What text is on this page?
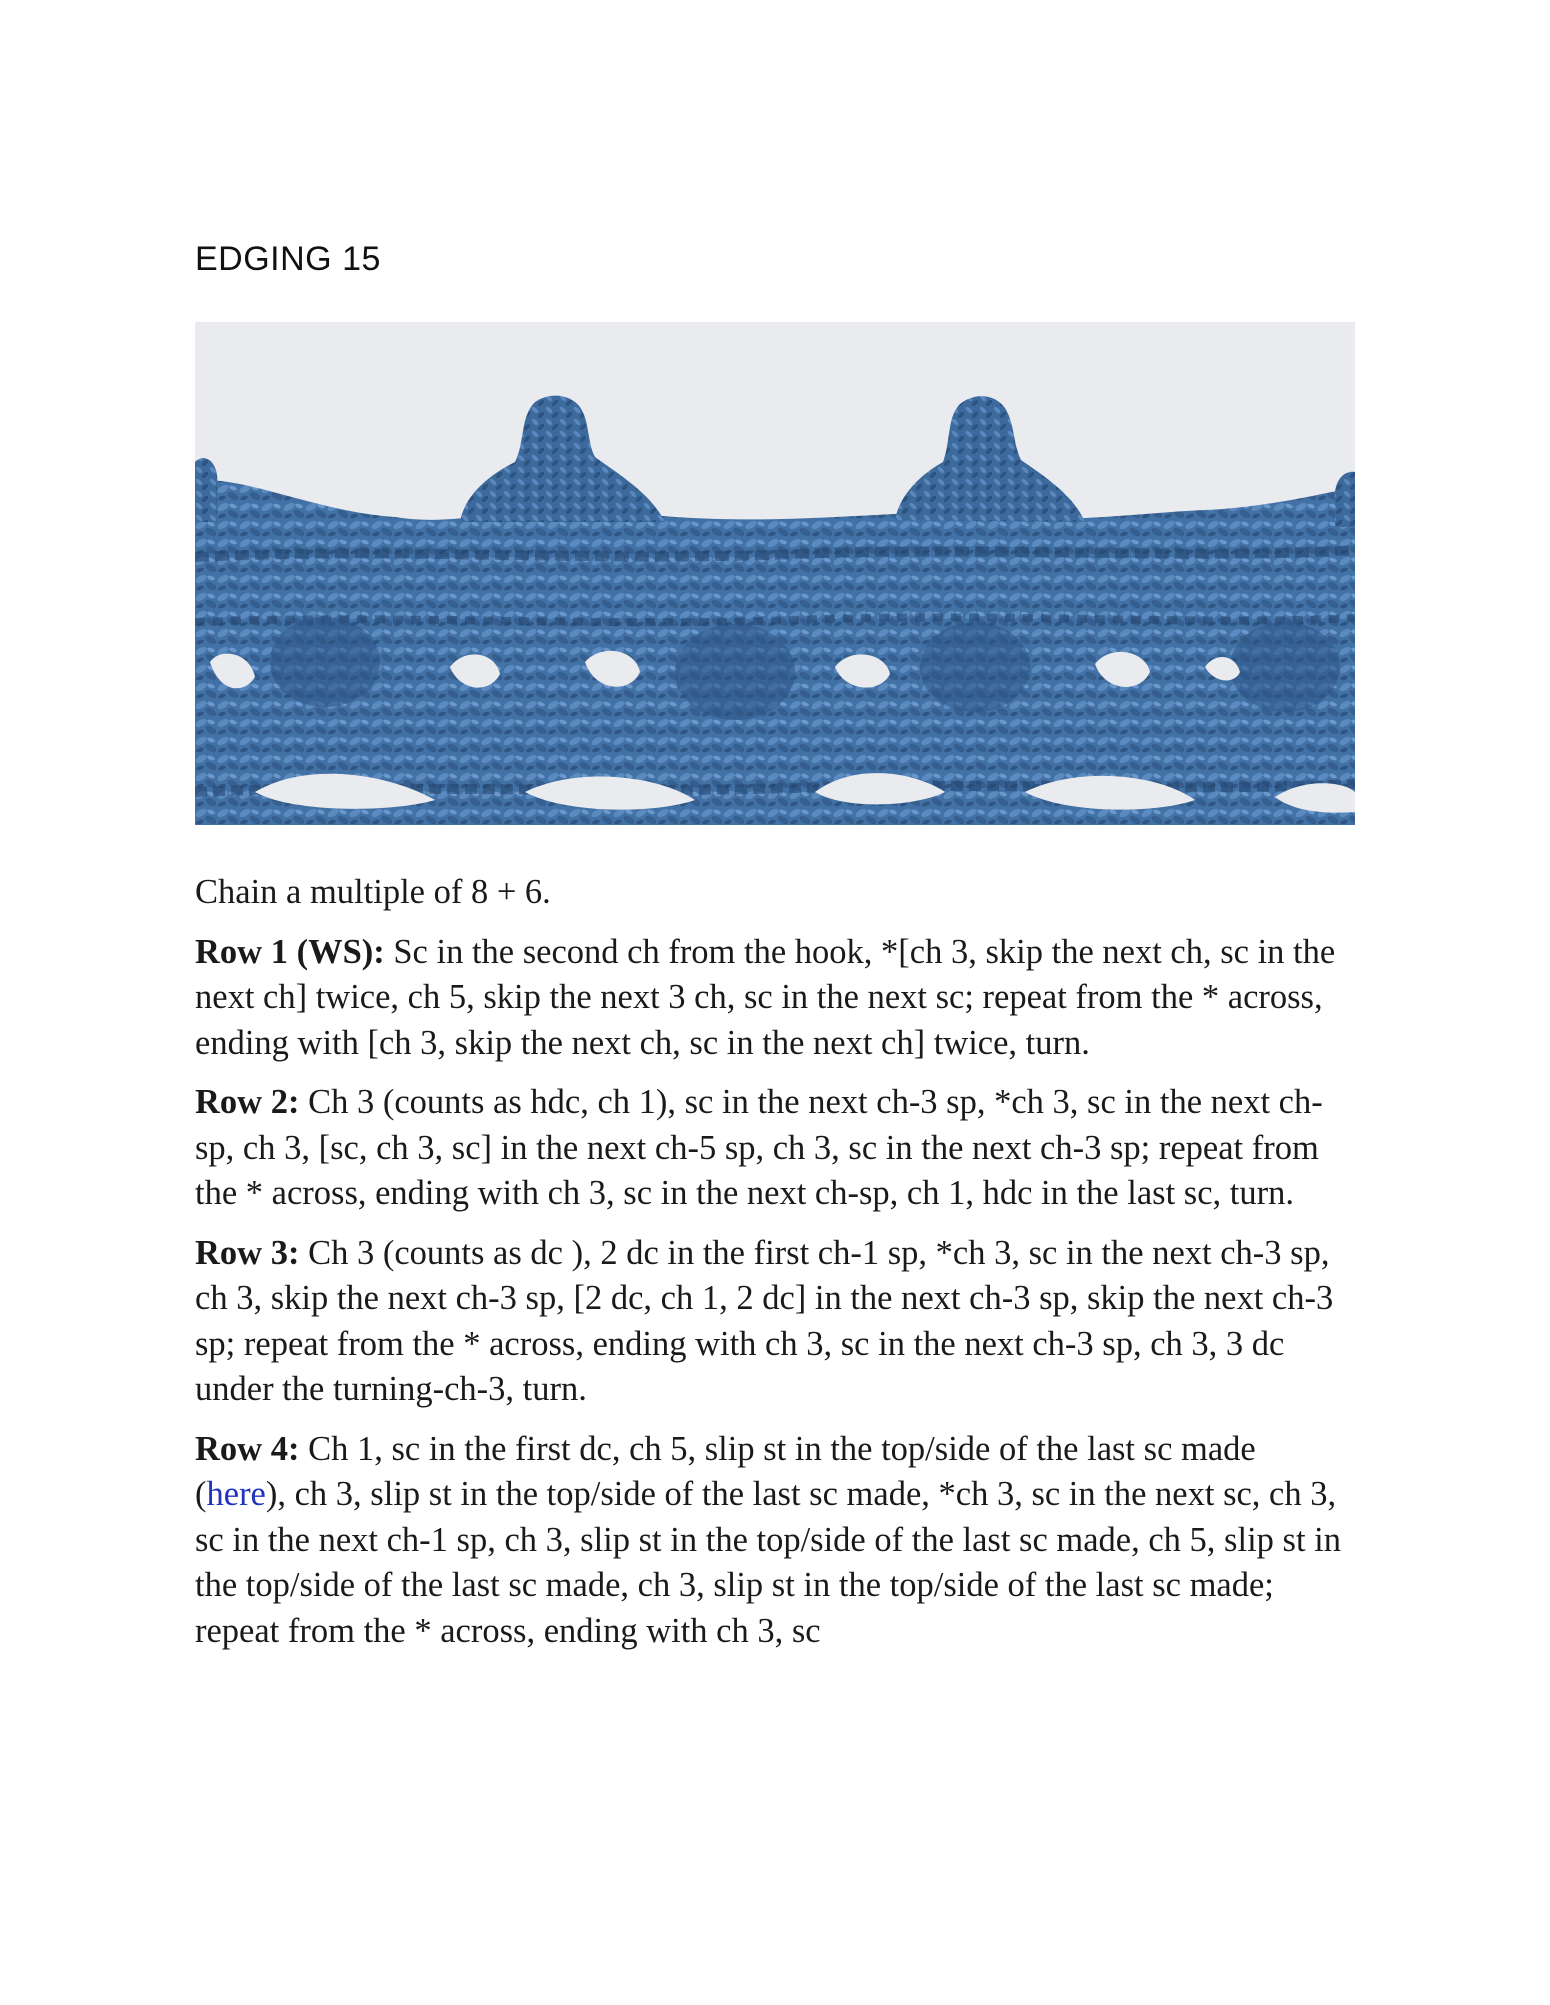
EDGING 15

Chain a multiple of 8 + 6.

Row 1 (WS): Sc in the second ch from the hook, *[ch 3, skip the next ch, sc in the next ch] twice, ch 5, skip the next 3 ch, sc in the next sc; repeat from the * across, ending with [ch 3, skip the next ch, sc in the next ch] twice, turn.

Row 2: Ch 3 (counts as hdc, ch 1), sc in the next ch-3 sp, *ch 3, sc in the next ch-sp, ch 3, [sc, ch 3, sc] in the next ch-5 sp, ch 3, sc in the next ch-3 sp; repeat from the * across, ending with ch 3, sc in the next ch-sp, ch 1, hdc in the last sc, turn.

Row 3: Ch 3 (counts as dc ), 2 dc in the first ch-1 sp, *ch 3, sc in the next ch-3 sp, ch 3, skip the next ch-3 sp, [2 dc, ch 1, 2 dc] in the next ch-3 sp, skip the next ch-3 sp; repeat from the * across, ending with ch 3, sc in the next ch-3 sp, ch 3, 3 dc under the turning-ch-3, turn.

Row 4: Ch 1, sc in the first dc, ch 5, slip st in the top/side of the last sc made (here), ch 3, slip st in the top/side of the last sc made, *ch 3, sc in the next sc, ch 3, sc in the next ch-1 sp, ch 3, slip st in the top/side of the last sc made, ch 5, slip st in the top/side of the last sc made, ch 3, slip st in the top/side of the last sc made; repeat from the * across, ending with ch 3, sc
